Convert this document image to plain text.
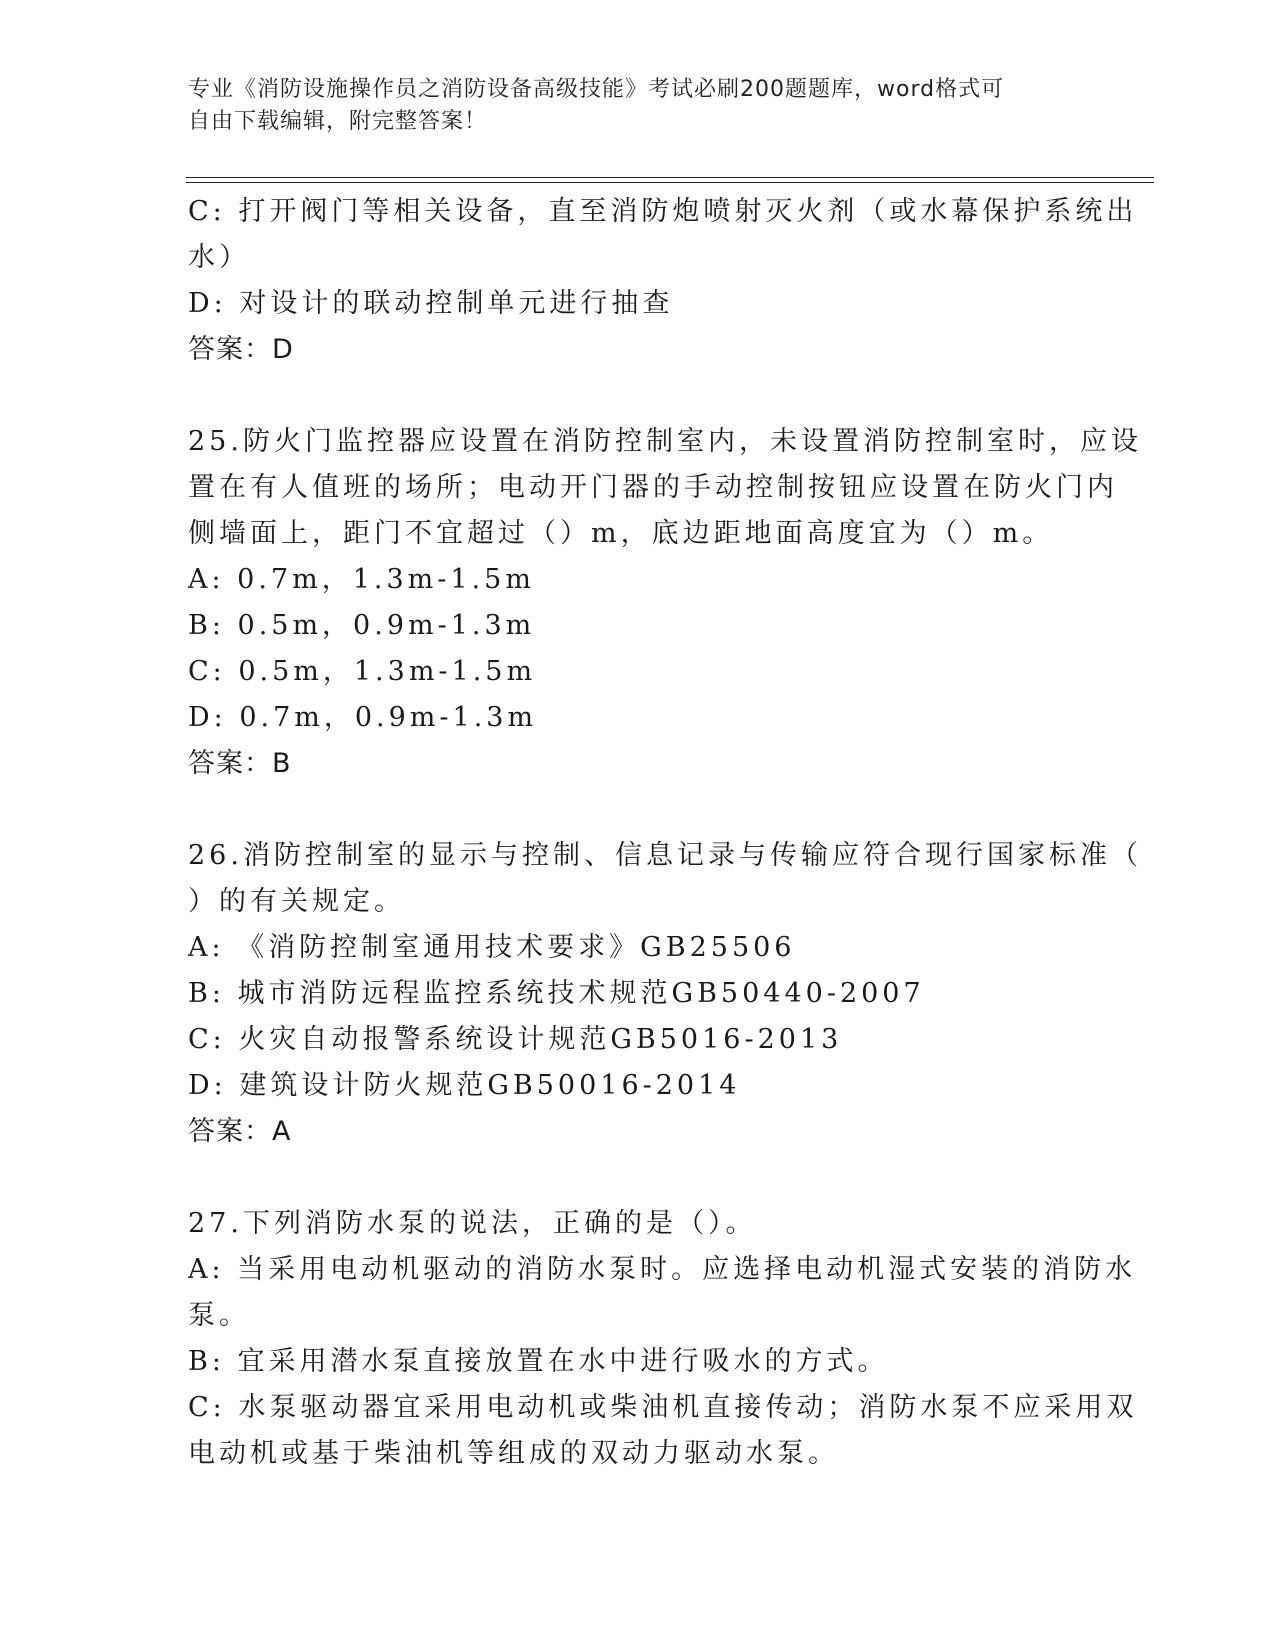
专业《消防设施操作员之消防设备高级技能》考试必刷200题题库，word格式可
自由下载编辑，附完整答案！
C: 打开阀门等相关设备，直至消防炮喷射灭火剂（或水幕保护系统出
水）
D: 对设计的联动控制单元进行抽查
答案：D
25.防火门监控器应设置在消防控制室内，未设置消防控制室时，应设
置在有人值班的场所；电动开门器的手动控制按钮应设置在防火门内
侧墙面上，距门不宜超过（）m，底边距地面高度宜为（）m。
A: 0.7m，1.3m-1.5m
B: 0.5m，0.9m-1.3m
C: 0.5m，1.3m-1.5m
D: 0.7m，0.9m-1.3m
答案：B
26.消防控制室的显示与控制、信息记录与传输应符合现行国家标准（
）的有关规定。
A: 《消防控制室通用技术要求》GB25506
B: 城市消防远程监控系统技术规范GB50440-2007
C: 火灾自动报警系统设计规范GB5016-2013
D: 建筑设计防火规范GB50016-2014
答案：A
27.下列消防水泵的说法，正确的是（）。
A: 当采用电动机驱动的消防水泵时。应选择电动机湿式安装的消防水
泵。
B: 宜采用潜水泵直接放置在水中进行吸水的方式。
C: 水泵驱动器宜采用电动机或柴油机直接传动；消防水泵不应采用双
电动机或基于柴油机等组成的双动力驱动水泵。
